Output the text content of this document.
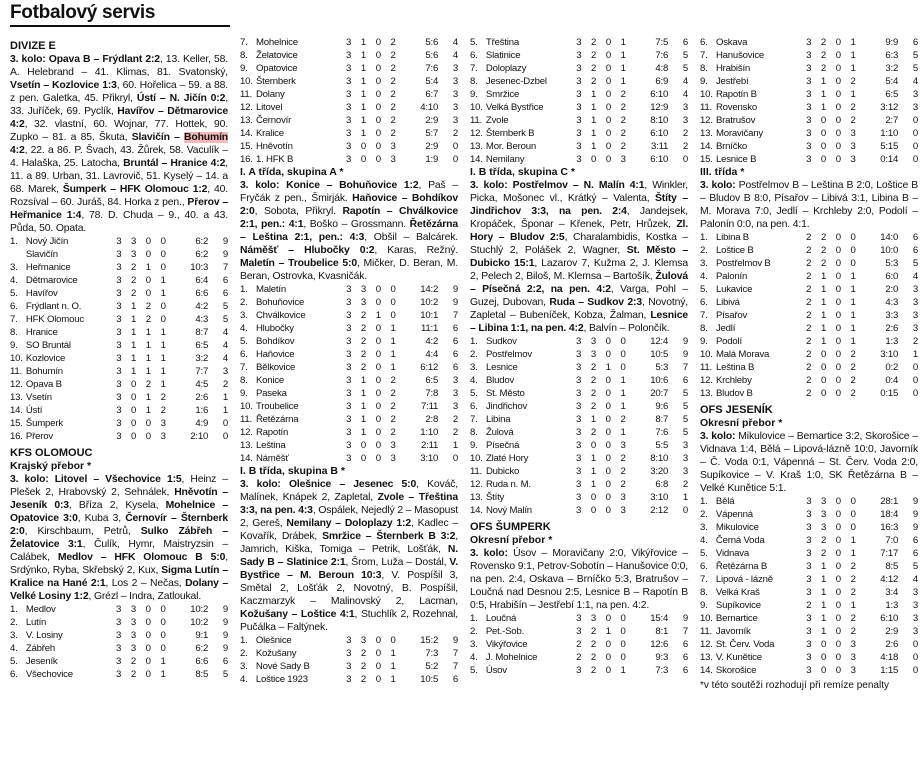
Fotbalový servis
DIVIZE E
3. kolo: Opava B – Frýdlant 2:2, 13. Keller, 58. A. Helebrand – 41. Klimas, 81. Svatonský, Vsetín – Kozlovice 1:3, 60. Hořelica – 59. a 88. z pen. Galetka, 45. Přikryl, Ústí – N. Jičín 0:2, 33. Juříček, 69. Pyclík, Havířov – Dětmarovice 4:2, 32. vlastní, 60. Wojnar, 77. Hottek, 90. Zupko – 81. a 85. Škuta, Slavičín – Bohumín 4:2, 22. a 86. P. Švach, 43. Žůrek, 58. Vaculík – 4. Halaška, 25. Latocha, Bruntál – Hranice 4:2, 11. a 89. Urban, 31. Lavrovič, 51. Kyselý – 14. a 68. Marek, Šumperk – HFK Olomouc 1:2, 40. Rozsíval – 60. Juráš, 84. Horka z pen., Přerov – Heřmanice 1:4, 78. D. Chuda – 9., 40. a 43. Půda, 50. Opata.
1.	Nový Jičín	3	3	0	0	6:2	9
	Slavičín	3	3	0	0	6:2	9
3.	Heřmanice	3	2	1	0	10:3	7
4.	Dětmarovice	3	2	0	1	6:4	6
5.	Havířov	3	2	0	1	6:6	6
6.	Frýdlant n. O.	3	1	2	0	4:2	5
7.	HFK Olomouc	3	1	2	0	4:3	5
8.	Hranice	3	1	1	1	8:7	4
9.	SO Bruntál	3	1	1	1	6:5	4
10.	Kozlovice	3	1	1	1	3:2	4
11.	Bohumín	3	1	1	1	7:7	3
12.	Opava B	3	0	2	1	4:5	2
13.	Vsetín	3	0	1	2	2:6	1
14.	Ústí	3	0	1	2	1:6	1
15.	Šumperk	3	0	0	3	4:9	0
16.	Přerov	3	0	0	3	2:10	0
KFS OLOMOUC
Krajský přebor *
3. kolo: Litovel – Všechovice 1:5, Heinz – Plešek 2, Hrabovský 2, Sehnálek, Hněvotín – Jeseník 0:3, Bříza 2, Kysela, Mohelnice – Opatovice 3:0, Kuba 3, Černovír – Šternberk 2:0, Kirschbaum, Petrů, Sulko Zábřeh – Želatovice 3:1, Čulík, Hymr, Maistryzsin – Calábek, Medlov – HFK Olomouc B 5:0, Srdýnko, Ryba, Skřebský 2, Kux, Sigma Lutín – Kralice na Hané 2:1, Los 2 – Nečas, Dolany – Velké Losiny 1:2, Grézl – Indra, Zatloukal.
1.	Medlov	3	3	0	0	10:2	9
2.	Lutín	3	3	0	0	10:2	9
3.	V. Losiny	3	3	0	0	9:1	9
4.	Zábřeh	3	3	0	0	6:2	9
5.	Jeseník	3	2	0	1	6:6	6
6.	Všechovice	3	2	0	1	8:5	5
7.	Mohelnice	3	1	0	2	5:6	4
8.	Želatovice	3	1	0	2	5:6	4
9.	Opatovice	3	1	0	2	7:6	3
10.	Šternberk	3	1	0	2	5:4	3
11.	Dolany	3	1	0	2	6:7	3
12.	Litovel	3	1	0	2	4:10	3
13.	Černovír	3	1	0	2	2:9	3
14.	Kralice	3	1	0	2	5:7	2
15.	Hněvotín	3	0	0	3	2:9	0
16.	1. HFK B	3	0	0	3	1:9	0
I. A třída, skupina A *
3. kolo: Konice – Bohuňovice 1:2, Paš – Fryčák z pen., Šmirják. Haňovice – Bohdíkov 2:0, Sobota, Přikryl. Rapotín – Chválkovice 2:1, pen.: 4:1, Boško – Grossmann. Řetězárna – Leština 2:1, pen.: 4:3, Obšil – Balcárek. Náměšť – Hlubočky 0:2, Karas, Režný. Maletín – Troubelice 5:0, Mičker, D. Beran, M. Beran, Ostrovka, Kvasničák.
1.	Maletín	3	3	0	0	14:2	9
2.	Bohuňovice	3	3	0	0	10:2	9
3.	Chválkovice	3	2	1	0	10:1	7
4.	Hlubočky	3	2	0	1	11:1	6
5.	Bohdíkov	3	2	0	1	4:2	6
6.	Haňovice	3	2	0	1	4:4	6
7.	Bělkovice	3	2	0	1	6:12	6
8.	Konice	3	1	0	2	6:5	3
9.	Paseka	3	1	0	2	7:8	3
10.	Troubelice	3	1	0	2	7:11	3
11.	Řetězárna	3	1	0	2	2:8	2
12.	Rapotín	3	1	0	2	1:10	2
13.	Leština	3	0	0	3	2:11	1
14.	Náměšť	3	0	0	3	3:10	0
I. B třída, skupina B *
3. kolo: Olešnice – Jesenec 5:0, Kováč, Malínek, Knápek 2, Zapletal, Zvole – Třeština 3:3, na pen. 4:3, Ospálek, Nejedlý 2 – Masopust 2, Gereš, Nemilany – Doloplazy 1:2, Kadlec – Kovařík, Drábek, Smržice – Šternberk B 3:2, Jamrich, Kiška, Tomiga – Petrik, Lošťák, N. Sady B – Slatinice 2:1, Šrom, Luža – Dostál, V. Bystřice – M. Beroun 10:3, V. Pospíšil 3, Smětal 2, Lošťák 2, Novotný, B. Pospíšil, Kaczmarzyk – Malinovský 2, Lacman, Kožušany – Loštice 4:1, Stuchlík 2, Rozehnal, Pučálka – Faltýnek.
1.	Olešnice	3	3	0	0	15:2	9
2.	Kožušany	3	2	0	1	7:3	7
3.	Nové Sady B	3	2	0	1	5:2	7
4.	Loštice 1923	3	2	0	1	10:5	6
5.	Třeština	3	2	0	1	7:5	6
6.	Slatinice	3	2	0	1	7:6	5
7.	Doloplazy	3	2	0	1	4:8	5
8.	Jesenec-Dzbel	3	2	0	1	6:9	4
9.	Smržice	3	1	0	2	6:10	4
10.	Velká Bystřice	3	1	0	2	12:9	3
11.	Zvole	3	1	0	2	8:10	3
12.	Šternberk B	3	1	0	2	6:10	2
13.	Mor. Beroun	3	1	0	2	3:11	2
14.	Nemilany	3	0	0	3	6:10	0
I. B třída, skupina C *
3. kolo: Postřelmov – N. Malín 4:1, Winkler, Picka, Mošonec vl., Krátký – Valenta, Štíty – Jindřichov 3:3, na pen. 2:4, Jandejsek, Kropáček, Šponar – Křenek, Petr, Hrůzek, Zl. Hory – Bludov 2:5, Charalambidis, Kostka – Stuchlý 2, Polášek 2, Wagner, St. Město – Dubicko 15:1, Lazarov 7, Kužma 2, J. Klemsa 2, Pelech 2, Biloš, M. Klemsa – Bartošík, Žulová – Písečná 2:2, na pen. 4:2, Varga, Pohl – Guzej, Dubovan, Ruda – Sudkov 2:3, Novotný, Zapletal – Bubeníček, Kobza, Žalman, Lesnice – Libina 1:1, na pen. 4:2, Balvín – Polončík.
1.	Sudkov	3	3	0	0	12:4	9
2.	Postřelmov	3	3	0	0	10:5	9
3.	Lesnice	3	2	1	0	5:3	7
4.	Bludov	3	2	0	1	10:6	6
5.	St. Město	3	2	0	1	20:7	5
6.	Jindřichov	3	2	0	1	9:6	5
7.	Libina	3	1	0	2	8:7	5
8.	Žulová	3	2	0	1	7:6	5
9.	Písečná	3	0	0	3	5:5	3
10.	Zlaté Hory	3	1	0	2	8:10	3
11.	Dubicko	3	1	0	2	3:20	3
12.	Ruda n. M.	3	1	0	2	6:8	2
13.	Štíty	3	0	0	3	3:10	1
14.	Nový Malín	3	0	0	3	2:12	0
OFS ŠUMPERK
Okresní přebor *
3. kolo: Úsov – Moravičany 2:0, Vikýřovice – Rovensko 9:1, Petrov-Sobotín – Hanušovice 0:0, na pen. 2:4, Oskava – Brníčko 5:3, Bratrušov – Loučná nad Desnou 2:5, Lesnice B – Rapotín B 0:5, Hrabišín – Jestřebí 1:1, na pen. 4:2.
1.	Loučná	3	3	0	0	15:4	9
2.	Pet.-Sob.	3	2	1	0	8:1	7
3.	Vikýřovice	2	2	0	0	12:6	6
4.	J. Mohelnice	2	2	0	0	9:3	6
5.	Úsov	3	2	0	1	7:3	6
6.	Oskava	3	2	0	1	9:9	6
7.	Hanušovice	3	2	0	1	6:3	5
8.	Hrabišín	3	2	0	1	3:2	5
9.	Jestřebí	3	1	0	2	5:4	4
10.	Rapotín B	3	1	0	1	6:5	3
11.	Rovensko	3	1	0	2	3:12	3
12.	Bratrušov	3	0	0	2	2:7	0
13.	Moravičany	3	0	0	3	1:10	0
14.	Brníčko	3	0	0	3	5:15	0
15.	Lesnice B	3	0	0	3	0:14	0
III. třída *
3. kolo: Postřelmov B – Leština B 2:0, Loštice B – Bludov B 8:0, Písařov – Libivá 3:1, Libina B – M. Morava 7:0, Jedlí – Krchleby 2:0, Podolí – Palonín 0:0, na pen. 4:1.
1.	Libina B	2	2	0	0	14:0	6
2.	Loštice B	2	2	0	0	10:0	6
3.	Postřelmov B	2	2	0	0	5:3	5
4.	Palonín	2	1	0	1	6:0	4
5.	Lukavice	2	1	0	1	2:0	3
6.	Libivá	2	1	0	1	4:3	3
7.	Písařov	2	1	0	1	3:3	3
8.	Jedlí	2	1	0	1	2:6	3
9.	Podolí	2	1	0	1	1:3	2
10.	Malá Morava	2	0	0	2	3:10	1
11.	Leština B	2	0	0	2	0:2	0
12.	Krchleby	2	0	0	2	0:4	0
13.	Bludov B	2	0	0	2	0:15	0
OFS JESENÍK
Okresní přebor *
3. kolo: Mikulovice – Bernartice 3:2, Skorošice – Vidnava 1:4, Bělá – Lipová-lázně 10:0, Javorník – Č. Voda 0:1, Vápenná – St. Červ. Voda 2:0, Supíkovice – V. Kraš 1:0, SK Řetězárna B – Velké Kunětice 5:1.
1.	Bělá	3	3	0	0	28:1	9
2.	Vápenná	3	3	0	0	18:4	9
3.	Mikulovice	3	3	0	0	16:3	9
4.	Černá Voda	3	2	0	1	7:0	6
5.	Vidnava	3	2	0	1	7:17	6
6.	Řetězárna B	3	1	0	2	8:5	5
7.	Lipová - lázně	3	1	0	2	4:12	4
8.	Velká Kraš	3	1	0	2	3:4	3
9.	Supíkovice	2	1	0	1	1:3	3
10.	Bernartice	3	1	0	2	6:10	3
11.	Javorník	3	1	0	2	2:9	3
12.	St. Červ. Voda	3	0	0	3	2:6	0
13.	V. Kunětice	3	0	0	3	4:18	0
14.	Skorošice	3	0	0	3	1:15	0
*v této soutěži rozhodují při remíze penalty
